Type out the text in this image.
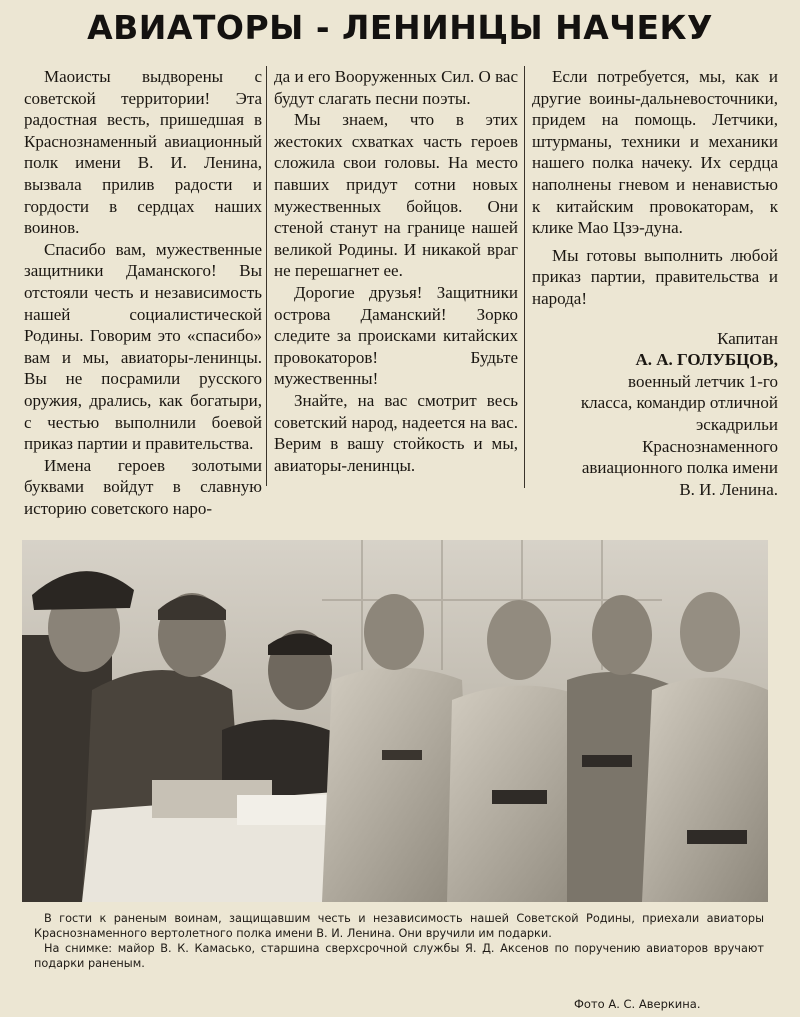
АВИАТОРЫ - ЛЕНИНЦЫ НАЧЕКУ

Маоисты выдворены с советской территории! Эта радостная весть, пришедшая в Краснознаменный авиационный полк имени В. И. Ленина, вызвала прилив радости и гордости в сердцах наших воинов.

Спасибо вам, мужественные защитники Даманского! Вы отстояли честь и независимость нашей социалистической Родины. Говорим это «спасибо» вам и мы, авиаторы-ленинцы. Вы не посрамили русского оружия, дрались, как богатыри, с честью выполнили боевой приказ партии и правительства.

Имена героев золотыми буквами войдут в славную историю советского наро-

да и его Вооруженных Сил. О вас будут слагать песни поэты.

Мы знаем, что в этих жестоких схватках часть героев сложила свои головы. На место павших придут сотни новых мужественных бойцов. Они стеной станут на границе нашей великой Родины. И никакой враг не перешагнет ее.

Дорогие друзья! Защитники острова Даманский! Зорко следите за происками китайских провокаторов! Будьте мужественны!

Знайте, на вас смотрит весь советский народ, надеется на вас. Верим в вашу стойкость и мы, авиаторы-ленинцы.

Если потребуется, мы, как и другие воины-дальневосточники, придем на помощь. Летчики, штурманы, техники и механики нашего полка начеку. Их сердца наполнены гневом и ненавистью к китайским провокаторам, к клике Мао Цзэ-дуна.

Мы готовы выполнить любой приказ партии, правительства и народа!

Капитан

А. А. ГОЛУБЦОВ,

военный летчик 1-го класса, командир отличной эскадрильи Краснознаменного авиационного полка имени В. И. Ленина.

В гости к раненым воинам, защищавшим честь и независимость нашей Советской Родины, приехали авиаторы Краснознаменного вертолетного полка имени В. И. Ленина. Они вручили им подарки.

На снимке: майор В. К. Камасько, старшина сверхсрочной службы Я. Д. Аксенов по поручению авиаторов вручают подарки раненым.

Фото А. С. Аверкина.
